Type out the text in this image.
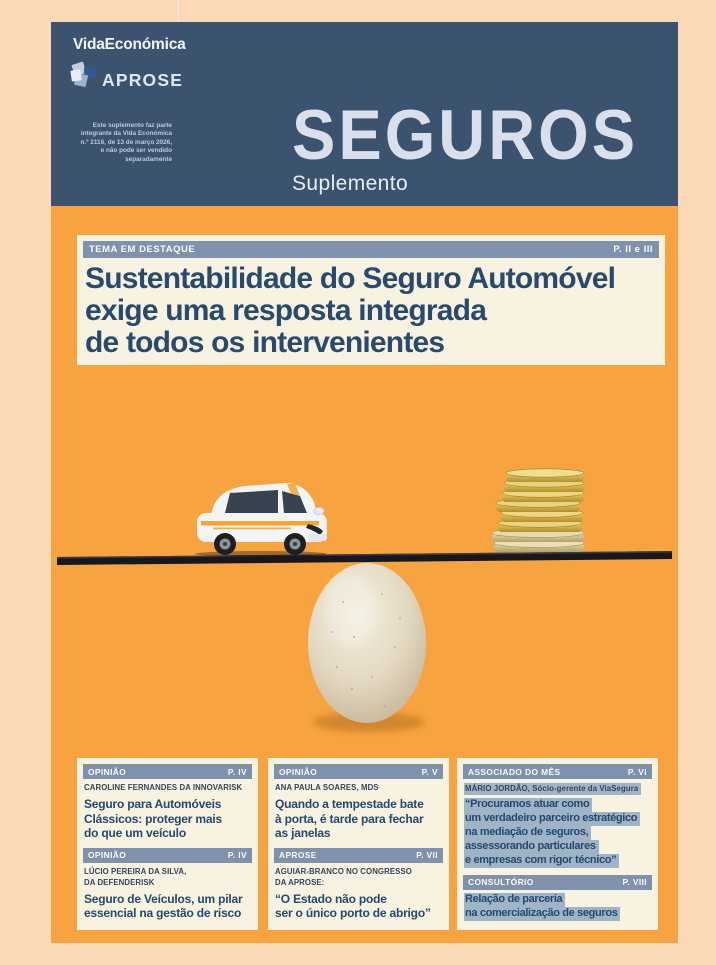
VidaEconómica
APROSE
Este suplemento faz parte
integrante da Vida Económica
n.º 2116, de 13 de março 2026,
e não pode ser vendido
separadamente SEGUROS
Suplemento
TEMA EM DESTAQUE	P. II e III
Sustentabilidade do Seguro Automóvel
exige uma resposta integrada
de todos os intervenientes
OPINIÃO	P. IV
CAROLINE FERNANDES DA INNOVARISK
Seguro para Automóveis
Clássicos: proteger mais
do que um veículo
OPINIÃO	P. IV
LÚCIO PEREIRA DA SILVA,
DA DEFENDERISK
Seguro de Veículos, um pilar
essencial na gestão de risco
OPINIÃO	P. V
ANA PAULA SOARES, MDS
Quando a tempestade bate
à porta, é tarde para fechar
as janelas
APROSE	P. VII
AGUIAR-BRANCO NO CONGRESSO
DA APROSE:
“O Estado não pode
ser o único porto de abrigo”
ASSOCIADO DO MÊS	P. VI
MÁRIO JORDÃO, Sócio-gerente da ViaSegura
“Procuramos atuar como
um verdadeiro parceiro estratégico
na mediação de seguros,
assessorando particulares
e empresas com rigor técnico”
CONSULTÓRIO	P. VIII
Relação de parceria
na comercialização de seguros
